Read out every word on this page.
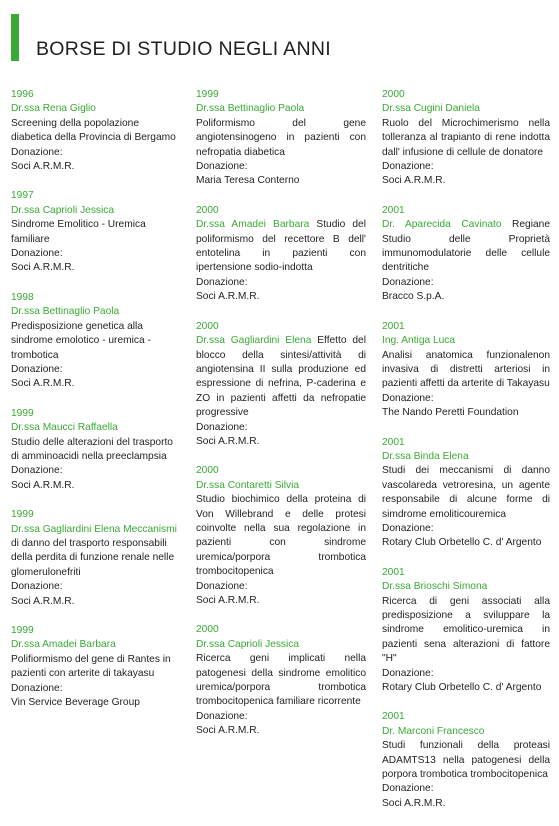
BORSE DI STUDIO NEGLI ANNI
1996
Dr.ssa Rena Giglio
Screening della popolazione diabetica della Provincia di Bergamo
Donazione:
Soci A.R.M.R.
1997
Dr.ssa Caprioli Jessica
Sindrome Emolitico - Uremica familiare
Donazione:
Soci A.R.M.R.
1998
Dr.ssa Bettinaglio Paola
Predisposizione genetica alla sindrome emolotico - uremica - trombotica
Donazione:
Soci A.R.M.R.
1999
Dr.ssa Maucci Raffaella
Studio delle alterazioni del trasporto di amminoacidi nella preeclampsia
Donazione:
Soci A.R.M.R.
1999
Dr.ssa Gagliardini Elena Meccanismi
di danno del trasporto responsabili della perdita di funzione renale nelle glomerulonefriti
Donazione:
Soci A.R.M.R.
1999
Dr.ssa Amadei Barbara
Polifiormismo del gene di Rantes in pazienti con arterite di takayasu
Donazione:
Vin Service Beverage Group
1999
Dr.ssa Bettinaglio Paola
Poliformismo del gene angiotensinogeno in pazienti con nefropatia diabetica
Donazione:
Maria Teresa Conterno
2000
Dr.ssa Amadei Barbara Studio del poliformismo del recettore B dell' entotelina in pazienti con ipertensione sodio-indotta
Donazione:
Soci A.R.M.R.
2000
Dr.ssa Gagliardini Elena Effetto del blocco della sintesi/attività di angiotensina II sulla produzione ed espressione di nefrina, P-caderina e ZO in pazienti affetti da nefropatie progressive
Donazione:
Soci A.R.M.R.
2000
Dr.ssa Contaretti Silvia
Studio biochimico della proteina di Von Willebrand e delle protesi coinvolte nella sua regolazione in pazienti con sindrome uremica/porpora trombotica trombocitopenica
Donazione:
Soci A.R.M.R.
2000
Dr.ssa Caprioli Jessica
Ricerca geni implicati nella patogenesi della sindrome emolitico uremica/porpora trombotica trombocitopenica familiare ricorrente
Donazione:
Soci A.R.M.R.
2000
Dr.ssa Cugini Daniela
Ruolo del Microchimerismo nella tolleranza al trapianto di rene indotta dall' infusione di cellule de donatore
Donazione:
Soci A.R.M.R.
2001
Dr. Aparecida Cavinato Regiane Studio delle Proprietà immunomodulatorie delle cellule dentritiche
Donazione:
Bracco S.p.A.
2001
Ing. Antiga Luca
Analisi anatomica funzionalenon invasiva di distretti arteriosi in pazienti affetti da arterite di Takayasu
Donazione:
The Nando Peretti Foundation
2001
Dr.ssa Binda Elena
Studi dei meccanismi di danno vascolareda vetroresina, un agente responsabile di alcune forme di simdrome emoliticouremica
Donazione:
Rotary Club Orbetello C. d' Argento
2001
Dr.ssa Brioschi Simona
Ricerca di geni associati alla predisposizione a sviluppare la sindrome emolitico-uremica in pazienti sena alterazioni di fattore "H"
Donazione:
Rotary Club Orbetello C. d' Argento
2001
Dr. Marconi Francesco
Studi funzionali della proteasi ADAMTS13 nella patogenesi della porpora trombotica trombocitopenica
Donazione:
Soci A.R.M.R.
